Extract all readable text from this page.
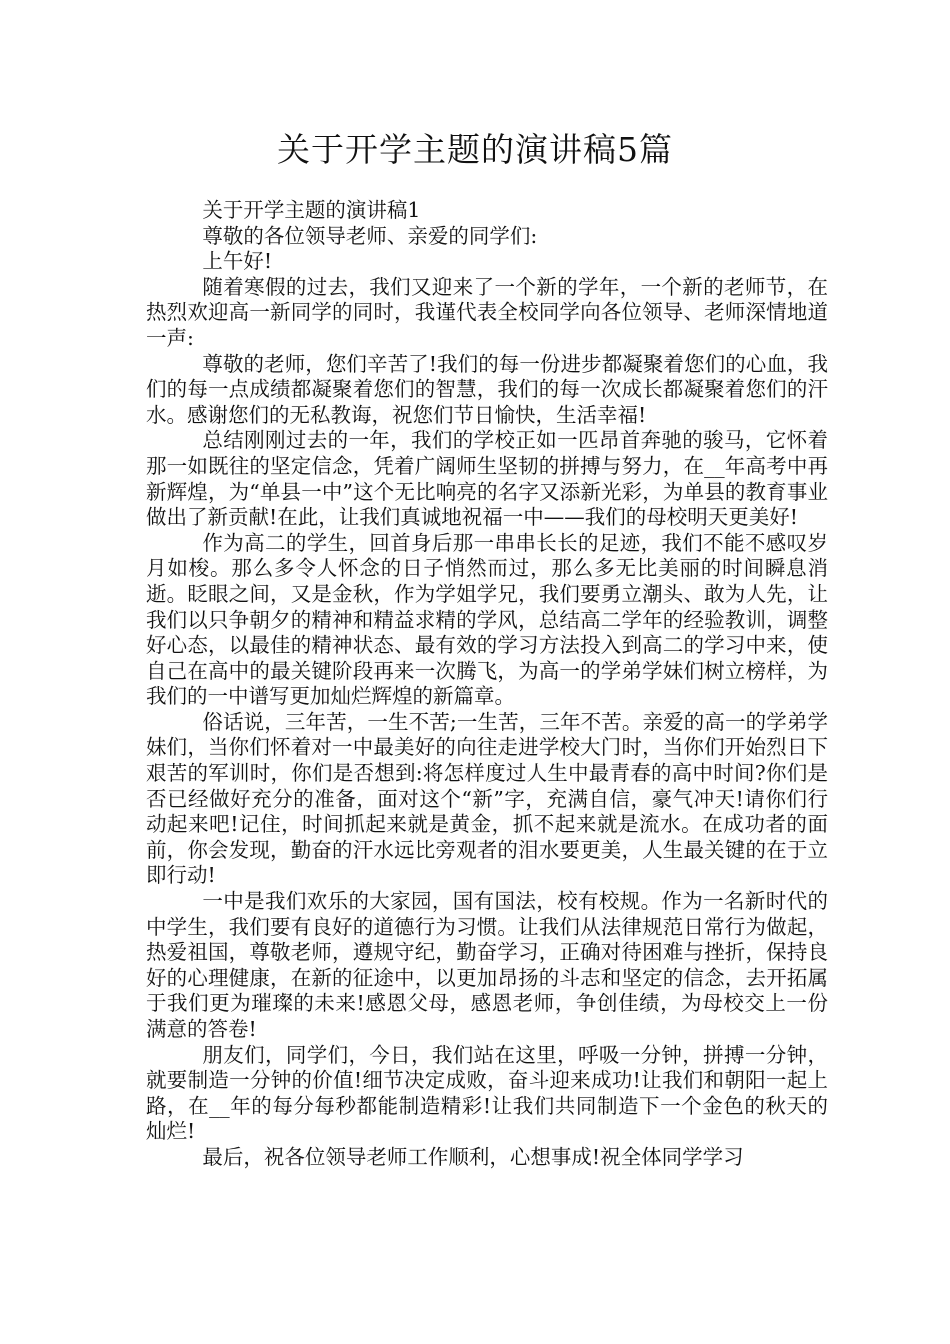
关于开学主题的演讲稿5篇

关于开学主题的演讲稿1

尊敬的各位领导老师、亲爱的同学们:

上午好!

随着寒假的过去，我们又迎来了一个新的学年，一个新的老师节，在热烈欢迎高一新同学的同时，我谨代表全校同学向各位领导、老师深情地道一声:

尊敬的老师，您们辛苦了!我们的每一份进步都凝聚着您们的心血，我们的每一点成绩都凝聚着您们的智慧，我们的每一次成长都凝聚着您们的汗水。感谢您们的无私教诲，祝您们节日愉快，生活幸福!

总结刚刚过去的一年，我们的学校正如一匹昂首奔驰的骏马，它怀着那一如既往的坚定信念，凭着广阔师生坚韧的拼搏与努力，在__年高考中再新辉煌，为“单县一中”这个无比响亮的名字又添新光彩，为单县的教育事业做出了新贡献!在此，让我们真诚地祝福一中——我们的母校明天更美好!

作为高二的学生，回首身后那一串串长长的足迹，我们不能不感叹岁月如梭。那么多令人怀念的日子悄然而过，那么多无比美丽的时间瞬息消逝。眨眼之间，又是金秋，作为学姐学兄，我们要勇立潮头、敢为人先，让我们以只争朝夕的精神和精益求精的学风，总结高二学年的经验教训，调整好心态，以最佳的精神状态、最有效的学习方法投入到高二的学习中来，使自己在高中的最关键阶段再来一次腾飞，为高一的学弟学妹们树立榜样，为我们的一中谱写更加灿烂辉煌的新篇章。

俗话说，三年苦，一生不苦;一生苦，三年不苦。亲爱的高一的学弟学妹们，当你们怀着对一中最美好的向往走进学校大门时，当你们开始烈日下艰苦的军训时，你们是否想到:将怎样度过人生中最青春的高中时间?你们是否已经做好充分的准备，面对这个“新”字，充满自信，豪气冲天!请你们行动起来吧!记住，时间抓起来就是黄金，抓不起来就是流水。在成功者的面前，你会发现，勤奋的汗水远比旁观者的泪水要更美，人生最关键的在于立即行动!

一中是我们欢乐的大家园，国有国法，校有校规。作为一名新时代的中学生，我们要有良好的道德行为习惯。让我们从法律规范日常行为做起，热爱祖国，尊敬老师，遵规守纪，勤奋学习，正确对待困难与挫折，保持良好的心理健康，在新的征途中，以更加昂扬的斗志和坚定的信念，去开拓属于我们更为璀璨的未来!感恩父母，感恩老师，争创佳绩，为母校交上一份满意的答卷!

朋友们，同学们，今日，我们站在这里，呼吸一分钟，拼搏一分钟，就要制造一分钟的价值!细节决定成败，奋斗迎来成功!让我们和朝阳一起上路，在__年的每分每秒都能制造精彩!让我们共同制造下一个金色的秋天的灿烂!

最后，祝各位领导老师工作顺利，心想事成!祝全体同学学习
